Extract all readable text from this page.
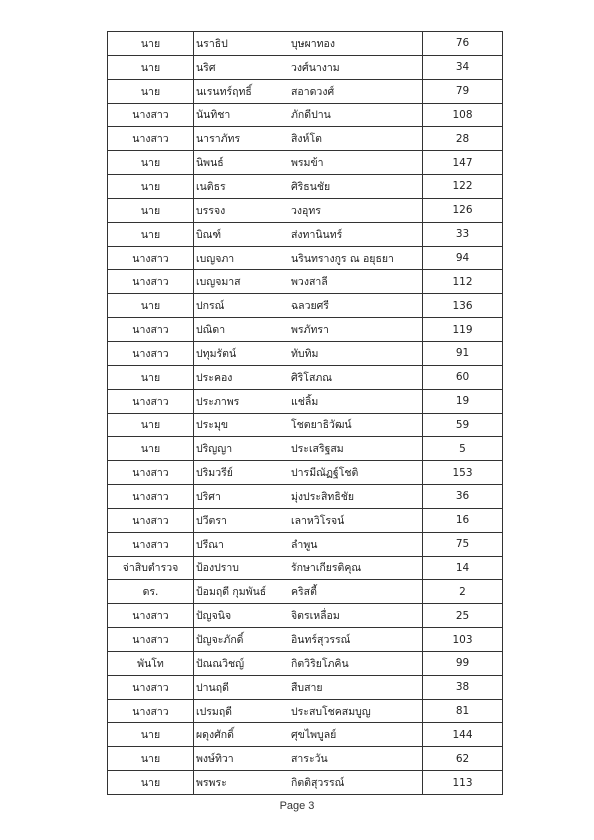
นาย	นราธิป	บุษผาทอง	76
นาย	นริศ	วงศ์นางาม	34
นาย	นเรนทร์ฤทธิ์	สอาดวงศ์	79
นางสาว	นันทิชา	ภักดีปาน	108
นางสาว	นาราภัทร	สิงห์โต	28
นาย	นิพนธ์	พรมข้า	147
นาย	เนติธร	ศิริธนชัย	122
นาย	บรรจง	วงอุทร	126
นาย	บิณฑ์	ส่งทานินทร์	33
นางสาว	เบญจภา	นรินทรางกูร ณ อยุธยา	94
นางสาว	เบญจมาส	พวงสาลี	112
นาย	ปกรณ์	ฉลวยศรี	136
นางสาว	ปณิดา	พรภัทรา	119
นางสาว	ปทุมรัตน์	ทับทิม	91
นาย	ประคอง	ศิริโสภณ	60
นางสาว	ประภาพร	แช่ลิ้ม	19
นาย	ประมุข	โชตยาธิวัฒน์	59
นาย	ปริญญา	ประเสริฐสม	5
นางสาว	ปริมวรีย์	ปารมีณัฏฐ์โชติ	153
นางสาว	ปริศา	มุ่งประสิทธิชัย	36
นางสาว	ปวีตรา	เลาหวิโรจน์	16
นางสาว	ปรีณา	ลำพูน	75
จ่าสิบตำรวจ	ป้องปราบ	รักษาเกียรติคุณ	14
ดร.	ป้อมฤดี กุมพันธ์	คริสตี้	2
นางสาว	ปัญจนิจ	จิตรเหลื่อม	25
นางสาว	ปัญจะภักดิ์	อินทร์สุวรรณ์	103
พันโท	ปัณณวิชญ์	กิตวิริยโภคิน	99
นางสาว	ปานฤดี	สืบสาย	38
นางสาว	เปรมฤดี	ประสบโชคสมบูญ	81
นาย	ผดุงศักดิ์	ศุขไพบูลย์	144
นาย	พงษ์ทิวา	สาระวัน	62
นาย	พรพระ	กิตติสุวรรณ์	113
Page 3
